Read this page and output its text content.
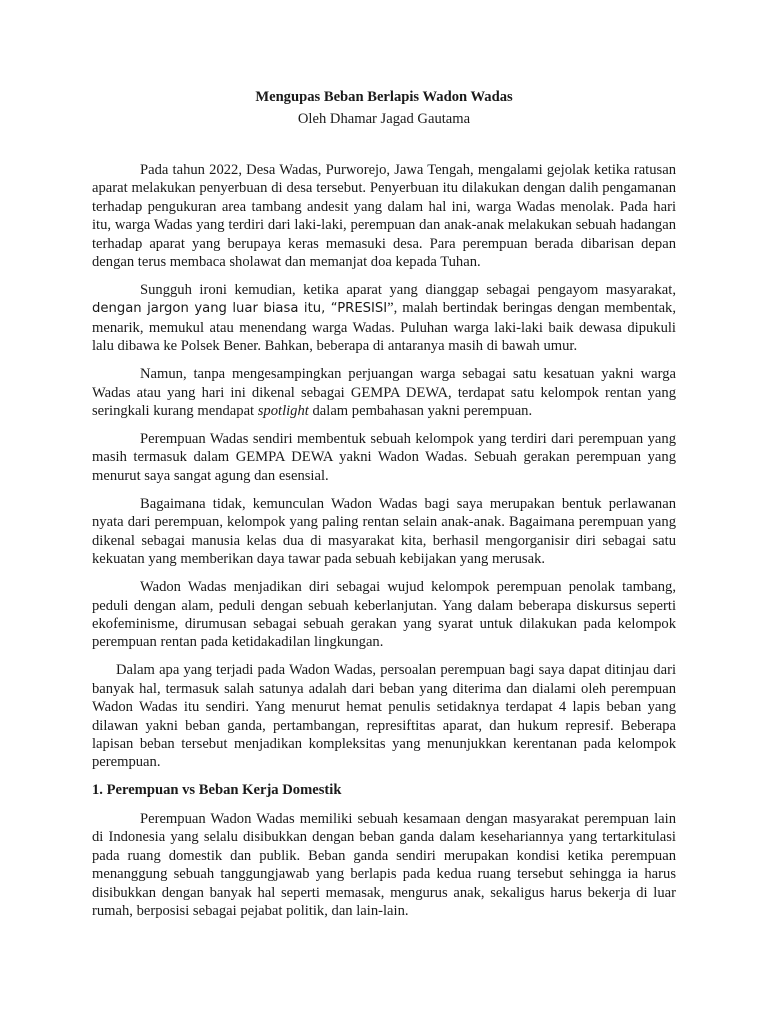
Mengupas Beban Berlapis Wadon Wadas
Oleh Dhamar Jagad Gautama

Pada tahun 2022, Desa Wadas, Purworejo, Jawa Tengah, mengalami gejolak ketika ratusan aparat melakukan penyerbuan di desa tersebut. Penyerbuan itu dilakukan dengan dalih pengamanan terhadap pengukuran area tambang andesit yang dalam hal ini, warga Wadas menolak. Pada hari itu, warga Wadas yang terdiri dari laki-laki, perempuan dan anak-anak melakukan sebuah hadangan terhadap aparat yang berupaya keras memasuki desa. Para perempuan berada dibarisan depan dengan terus membaca sholawat dan memanjat doa kepada Tuhan.

Sungguh ironi kemudian, ketika aparat yang dianggap sebagai pengayom masyarakat, dengan jargon yang luar biasa itu, “PRESISI”, malah bertindak beringas dengan membentak, menarik, memukul atau menendang warga Wadas. Puluhan warga laki-laki baik dewasa dipukuli lalu dibawa ke Polsek Bener. Bahkan, beberapa di antaranya masih di bawah umur.

Namun, tanpa mengesampingkan perjuangan warga sebagai satu kesatuan yakni warga Wadas atau yang hari ini dikenal sebagai GEMPA DEWA, terdapat satu kelompok rentan yang seringkali kurang mendapat spotlight dalam pembahasan yakni perempuan.

Perempuan Wadas sendiri membentuk sebuah kelompok yang terdiri dari perempuan yang masih termasuk dalam GEMPA DEWA yakni Wadon Wadas. Sebuah gerakan perempuan yang menurut saya sangat agung dan esensial.

Bagaimana tidak, kemunculan Wadon Wadas bagi saya merupakan bentuk perlawanan nyata dari perempuan, kelompok yang paling rentan selain anak-anak. Bagaimana perempuan yang dikenal sebagai manusia kelas dua di masyarakat kita, berhasil mengorganisir diri sebagai satu kekuatan yang memberikan daya tawar pada sebuah kebijakan yang merusak.

Wadon Wadas menjadikan diri sebagai wujud kelompok perempuan penolak tambang, peduli dengan alam, peduli dengan sebuah keberlanjutan. Yang dalam beberapa diskursus seperti ekofeminisme, dirumusan sebagai sebuah gerakan yang syarat untuk dilakukan pada kelompok perempuan rentan pada ketidakadilan lingkungan.

Dalam apa yang terjadi pada Wadon Wadas, persoalan perempuan bagi saya dapat ditinjau dari banyak hal, termasuk salah satunya adalah dari beban yang diterima dan dialami oleh perempuan Wadon Wadas itu sendiri. Yang menurut hemat penulis setidaknya terdapat 4 lapis beban yang dilawan yakni beban ganda, pertambangan, represiftitas aparat, dan hukum represif. Beberapa lapisan beban tersebut menjadikan kompleksitas yang menunjukkan kerentanan pada kelompok perempuan.

1. Perempuan vs Beban Kerja Domestik

Perempuan Wadon Wadas memiliki sebuah kesamaan dengan masyarakat perempuan lain di Indonesia yang selalu disibukkan dengan beban ganda dalam kesehariannya yang tertarkitulasi pada ruang domestik dan publik. Beban ganda sendiri merupakan kondisi ketika perempuan menanggung sebuah tanggungjawab yang berlapis pada kedua ruang tersebut sehingga ia harus disibukkan dengan banyak hal seperti memasak, mengurus anak, sekaligus harus bekerja di luar rumah, berposisi sebagai pejabat politik, dan lain-lain.
